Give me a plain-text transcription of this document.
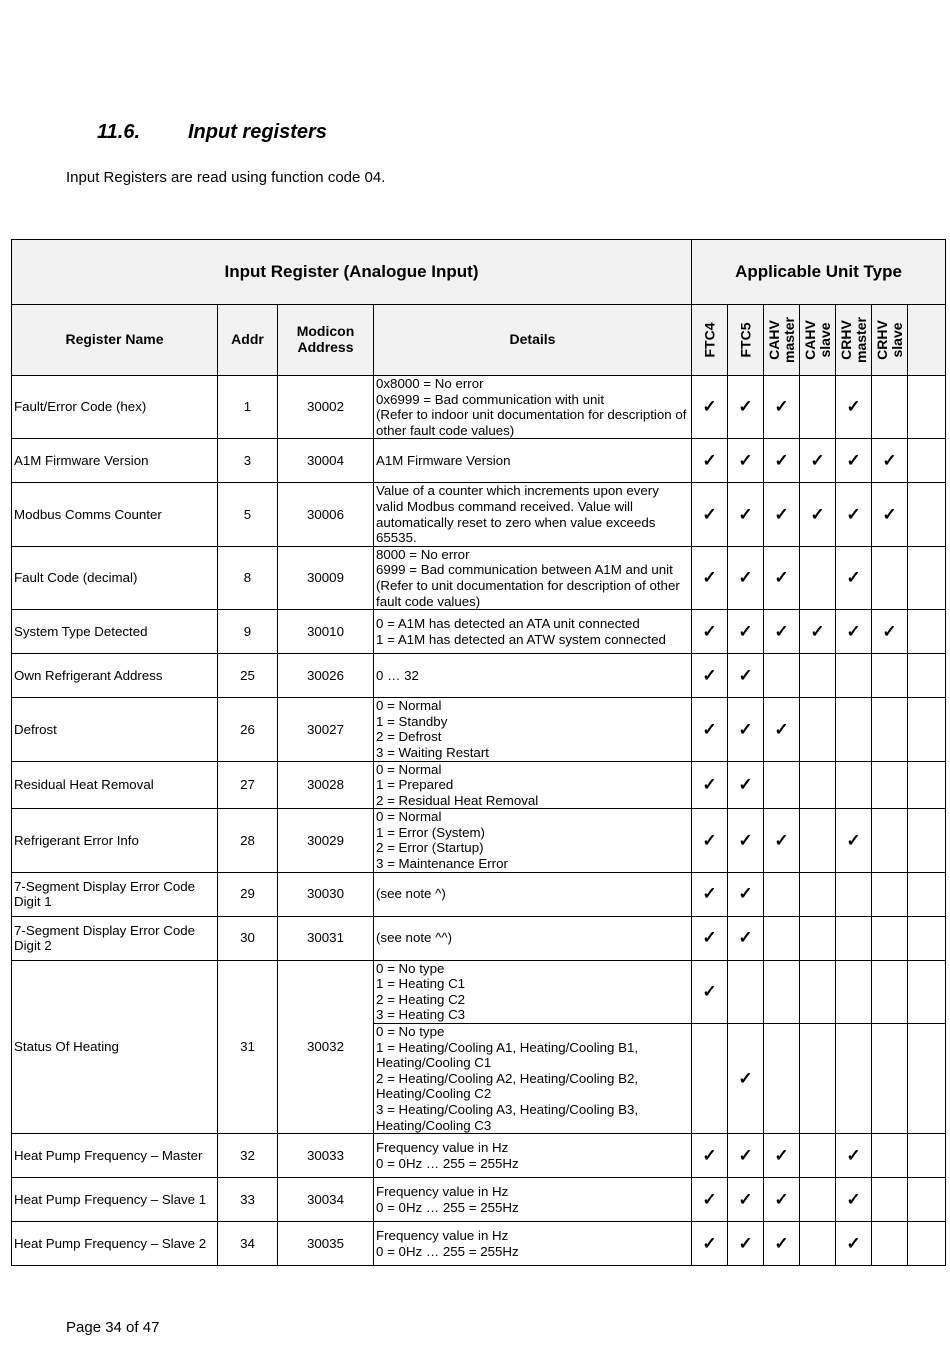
11.6. Input registers
Input Registers are read using function code 04.
Input Register (Analogue Input)				Applicable Unit Type						
Register Name	Addr	Modicon Address	Details	FTC4	FTC5	CAHV master	CAHV slave	CRHV master	CRHV slave	

Fault/Error Code (hex)	1	30002	0x8000 = No error
0x6999 = Bad communication with unit
(Refer to indoor unit documentation for description of other fault code values)	✓	✓	✓		✓		
A1M Firmware Version	3	30004	A1M Firmware Version	✓	✓	✓	✓	✓	✓	
Modbus Comms Counter	5	30006	Value of a counter which increments upon every valid Modbus command received. Value will automatically reset to zero when value exceeds 65535.	✓	✓	✓	✓	✓	✓	
Fault Code (decimal)	8	30009	8000 = No error
6999 = Bad communication between A1M and unit
(Refer to unit documentation for description of other fault code values)	✓	✓	✓		✓		
System Type Detected	9	30010	0 = A1M has detected an ATA unit connected
1 = A1M has detected an ATW system connected	✓	✓	✓	✓	✓	✓	
Own Refrigerant Address	25	30026	0 … 32	✓	✓					
Defrost	26	30027	0 = Normal
1 = Standby
2 = Defrost
3 = Waiting Restart	✓	✓	✓				
Residual Heat Removal	27	30028	0 = Normal
1 = Prepared
2 = Residual Heat Removal	✓	✓					
Refrigerant Error Info	28	30029	0 = Normal
1 = Error (System)
2 = Error (Startup)
3 = Maintenance Error	✓	✓	✓		✓		
7-Segment Display Error Code Digit 1	29	30030	(see note ^)	✓	✓					
7-Segment Display Error Code Digit 2	30	30031	(see note ^^)	✓	✓					
Status Of Heating	31	30032	0 = No type
1 = Heating C1
2 = Heating C2
3 = Heating C3	✓						

			0 = No type
1 = Heating/Cooling A1, Heating/Cooling B1, Heating/Cooling C1
2 = Heating/Cooling A2, Heating/Cooling B2, Heating/Cooling C2
3 = Heating/Cooling A3, Heating/Cooling B3, Heating/Cooling C3		✓					
Heat Pump Frequency – Master	32	30033	Frequency value in Hz
0 = 0Hz … 255 = 255Hz	✓	✓	✓		✓		
Heat Pump Frequency – Slave 1	33	30034	Frequency value in Hz
0 = 0Hz … 255 = 255Hz	✓	✓	✓		✓		
Heat Pump Frequency – Slave 2	34	30035	Frequency value in Hz
0 = 0Hz … 255 = 255Hz	✓	✓	✓		✓		
Page 34 of 47
